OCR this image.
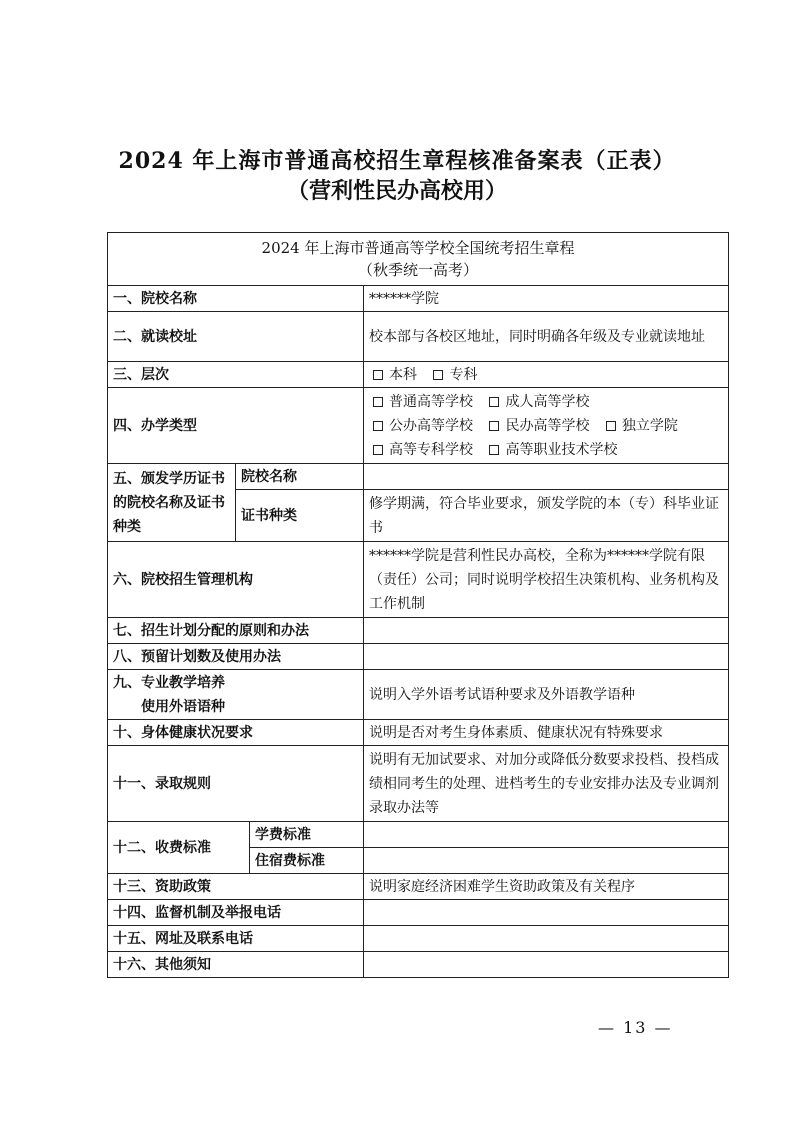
2024 年上海市普通高校招生章程核准备案表（正表）
（营利性民办高校用）
2024 年上海市普通高等学校全国统考招生章程
（秋季统一高考）			

一、院校名称			******学院
二、就读校址			校本部与各校区地址，同时明确各年级及专业就读地址
三、层次			本科 专科
四、办学类型			普通高等学校 成人高等学校
公办高等学校 民办高等学校 独立学院
高等专科学校 高等职业技术学校

五、颁发学历证书的院校名称及证书种类	院校名称		
	证书种类		修学期满，符合毕业要求，颁发学院的本（专）科毕业证书
六、院校招生管理机构			******学院是营利性民办高校，全称为******学院有限（责任）公司；同时说明学校招生决策机构、业务机构及工作机制
七、招生计划分配的原则和办法			
八、预留计划数及使用办法			

九、专业教学培养
使用外语语种			说明入学外语考试语种要求及外语教学语种
十、身体健康状况要求			说明是否对考生身体素质、健康状况有特殊要求
十一、录取规则			说明有无加试要求、对加分或降低分数要求投档、投档成绩相同考生的处理、进档考生的专业安排办法及专业调剂录取办法等
十二、收费标准		学费标准	
		住宿费标准	
十三、资助政策			说明家庭经济困难学生资助政策及有关程序
十四、监督机制及举报电话			
十五、网址及联系电话			
十六、其他须知			
— 13 —
